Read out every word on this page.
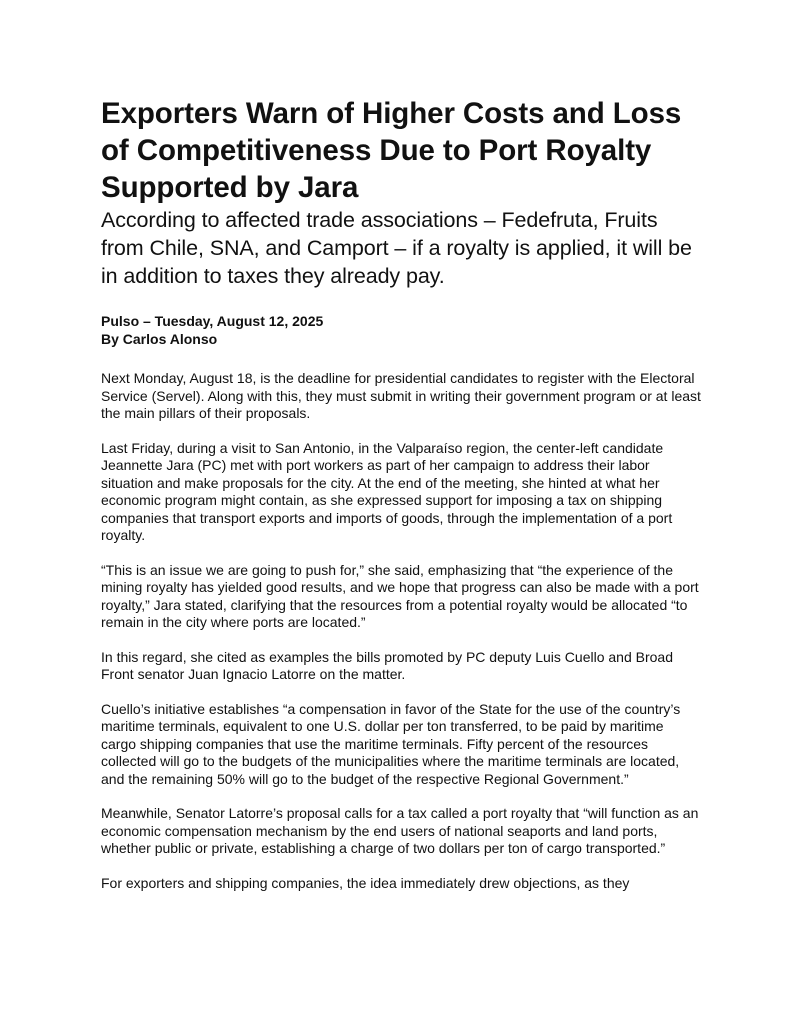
Exporters Warn of Higher Costs and Loss of Competitiveness Due to Port Royalty Supported by Jara
According to affected trade associations – Fedefruta, Fruits from Chile, SNA, and Camport – if a royalty is applied, it will be in addition to taxes they already pay.
Pulso – Tuesday, August 12, 2025
By Carlos Alonso

Next Monday, August 18, is the deadline for presidential candidates to register with the Electoral Service (Servel). Along with this, they must submit in writing their government program or at least the main pillars of their proposals.

Last Friday, during a visit to San Antonio, in the Valparaíso region, the center-left candidate Jeannette Jara (PC) met with port workers as part of her campaign to address their labor situation and make proposals for the city. At the end of the meeting, she hinted at what her economic program might contain, as she expressed support for imposing a tax on shipping companies that transport exports and imports of goods, through the implementation of a port royalty.

“This is an issue we are going to push for,” she said, emphasizing that “the experience of the mining royalty has yielded good results, and we hope that progress can also be made with a port royalty,” Jara stated, clarifying that the resources from a potential royalty would be allocated “to remain in the city where ports are located.”

In this regard, she cited as examples the bills promoted by PC deputy Luis Cuello and Broad Front senator Juan Ignacio Latorre on the matter.

Cuello’s initiative establishes “a compensation in favor of the State for the use of the country’s maritime terminals, equivalent to one U.S. dollar per ton transferred, to be paid by maritime cargo shipping companies that use the maritime terminals. Fifty percent of the resources collected will go to the budgets of the municipalities where the maritime terminals are located, and the remaining 50% will go to the budget of the respective Regional Government.”

Meanwhile, Senator Latorre’s proposal calls for a tax called a port royalty that “will function as an economic compensation mechanism by the end users of national seaports and land ports, whether public or private, establishing a charge of two dollars per ton of cargo transported.”

For exporters and shipping companies, the idea immediately drew objections, as they
